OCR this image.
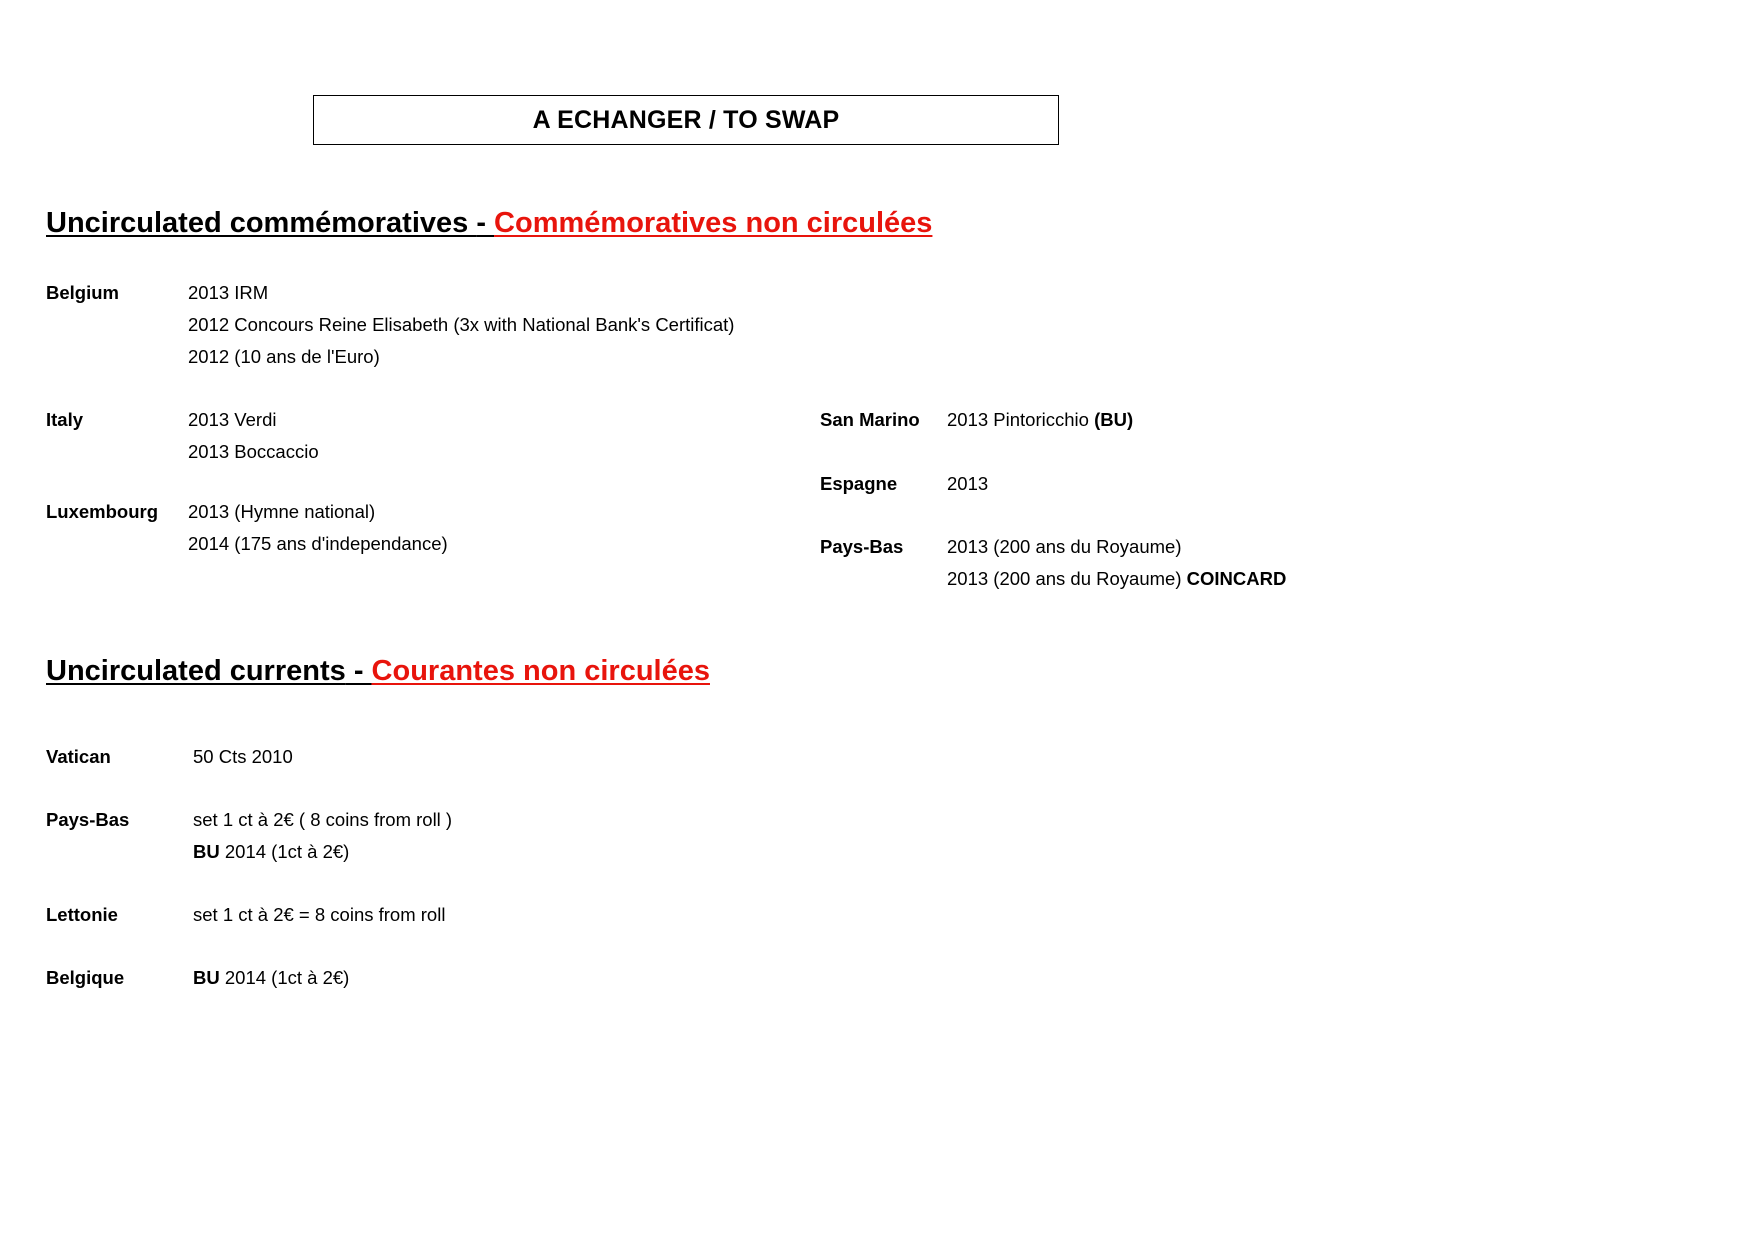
A ECHANGER / TO SWAP
Uncirculated commémoratives - Commémoratives non circulées
Belgium	2013 IRM
2012 Concours Reine Elisabeth (3x with National Bank's Certificat)
2012 (10 ans de l'Euro)
Italy	2013 Verdi
2013 Boccaccio
Luxembourg 2013 (Hymne national)
2014 (175 ans d'independance)
San Marino 2013 Pintoricchio (BU)
Espagne	2013
Pays-Bas 2013 (200 ans du Royaume)
2013 (200 ans du Royaume) COINCARD
Uncirculated currents - Courantes non circulées
Vatican	50 Cts 2010
Pays-Bas	set 1 ct à 2€ ( 8 coins from roll )
BU 2014 (1ct à 2€)
Lettonie	set 1 ct à 2€ = 8 coins from roll
Belgique	BU 2014 (1ct à 2€)
